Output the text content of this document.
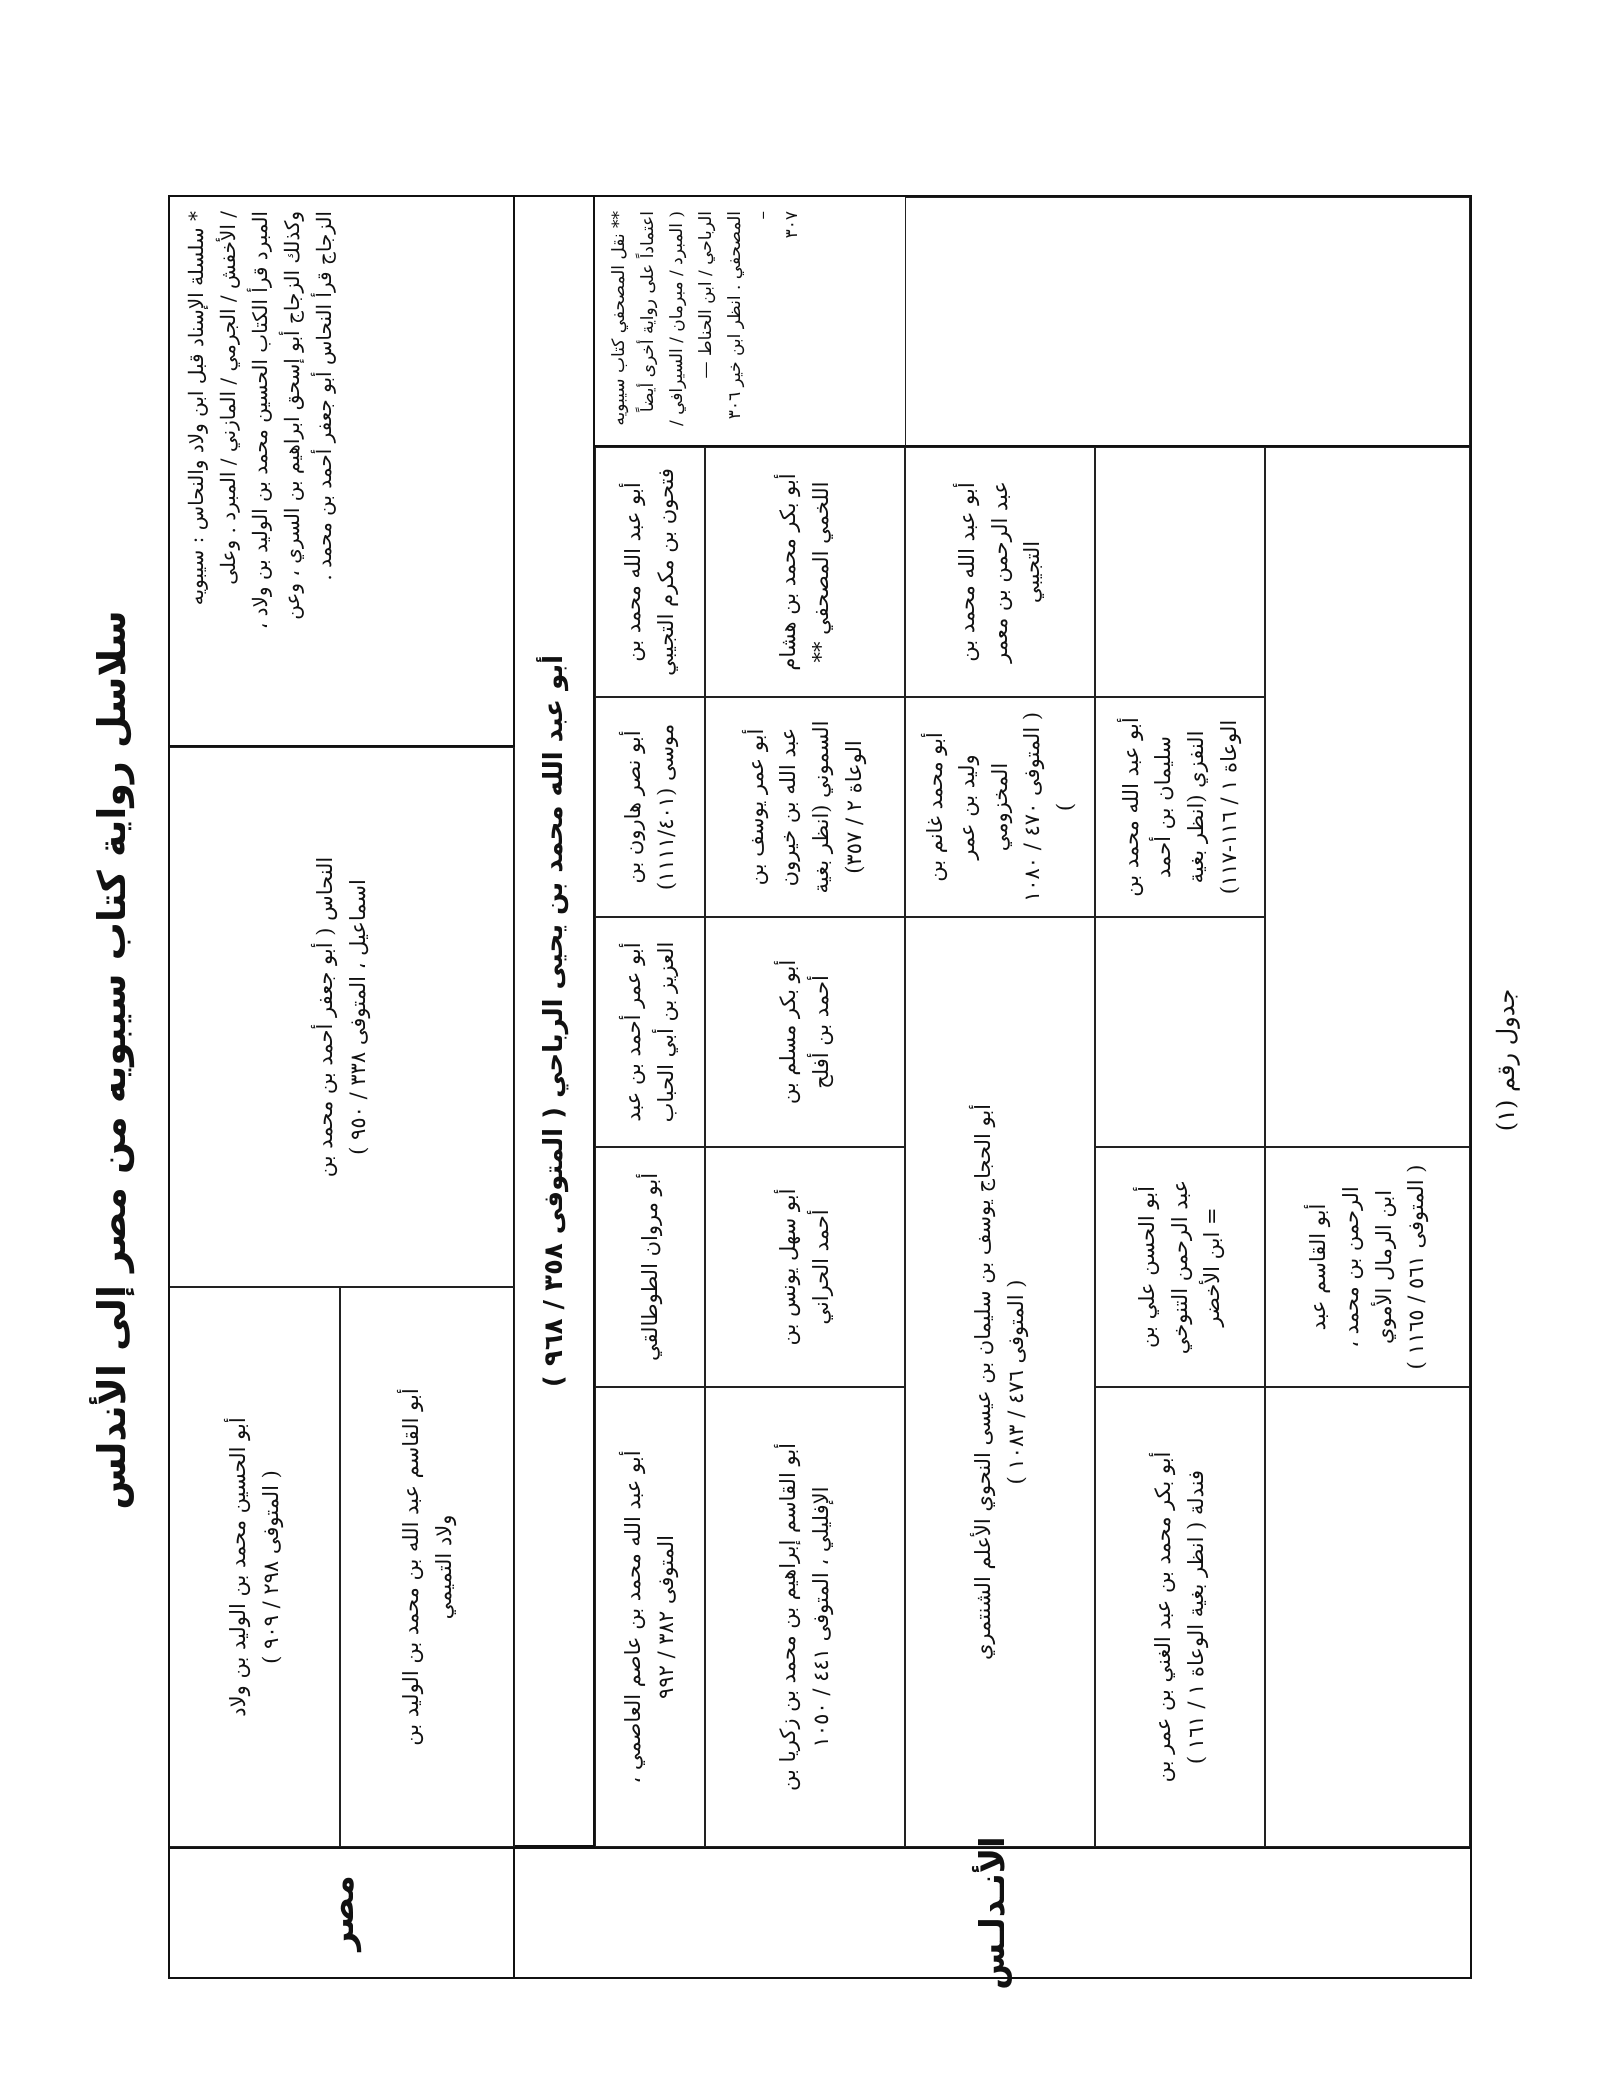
سلاسل رواية كتاب سيبويه من مصر إلى الأندلس
مصر
أبو الحسين محمد بن الوليد بن ولاد ( المتوفى ٢٩٨ / ٩٠٩ )	أبو القاسم عبد الله بن محمد بن الوليد بن ولاد التميمي
النحاس ( أبو جعفر أحمد بن محمد بن اسماعيل ، المتوفى ٣٣٨ / ٩٥٠ )
* سلسلة الإسناد قبل ابن ولاد والنحاس : سيبويه / الأخفش / الجرمي / المازني / المبرد . وعلى المبرد قرأ الكتاب الحسين محمد بن الوليد بن ولاد ، وكذلك الزجاج أبو إسحق ابراهيم بن السري ، وعن الزجاج قرأ النحاس أبو جعفر أحمد بن محمد .
الأنـدلـس
أبو عبد الله محمد بن يحيى الرباحي ( المتوفى ٣٥٨ / ٩٦٨ )
أبو عبد الله محمد بن عاصم العاصمي ، المتوفى ٣٨٢ / ٩٩٢
أبو مروان الطوطالقي
أبو عمر أحمد بن عبد العزيز بن أبي الحباب
أبو نصر هارون بن
موسى (١١١١/٤٠١)
أبو عبد الله محمد بن فتحون بن مكرم التجيبي
أبو القاسم إبراهيم بن محمد بن زكريا بن الإفليلي ، المتوفى ٤٤١ / ١٠٥٠
أبو سهل يونس بن أحمد الحراني
أبو بكر مسلم بن أحمد بن أفلح
أبو عمر يوسف بن عبد الله بن خيرون السموني (انظر بغية الوعاة ٢ / ٣٥٧)
أبو بكر محمد بن هشام اللخمي المصحفي **
أبو الحجاج يوسف بن سليمان بن عيسى النحوي الأعلم الشنتمري ( المتوفى ٤٧٦ / ١٠٨٣ )
أبو محمد غانم بن وليد بن عمر المخزومي
( المتوفى ٤٧٠ / ١٠٨٠ )
أبو عبد الله محمد بن عبد الرحمن بن معمر التجيبي
أبو بكر محمد بن عبد الغني بن عمر بن فندلة ( انظر بغية الوعاة ١ / ١٦١ )
أبو الحسن علي بن عبد الرحمن التنوخي = ابن الأخضر
أبو عبد الله محمد بن سليمان بن أحمد النفزي (انظر بغية
الوعاة ١ / ١١٦-١١٧)
أبو القاسم عبد الرحمن بن محمد ، ابن الرمال الأموي
( المتوفى ٥٦١ / ١١٦٥ )
** نقل المصحفي كتاب سيبويه اعتماداً على رواية أخرى أيضاً ( المبرد / مبرمان / السيرافي / الرباحي / ابن الحناط —
المصحفي . انظر ابن خير ٣٠٦ – ٣٠٧
جدول رقم (١)
